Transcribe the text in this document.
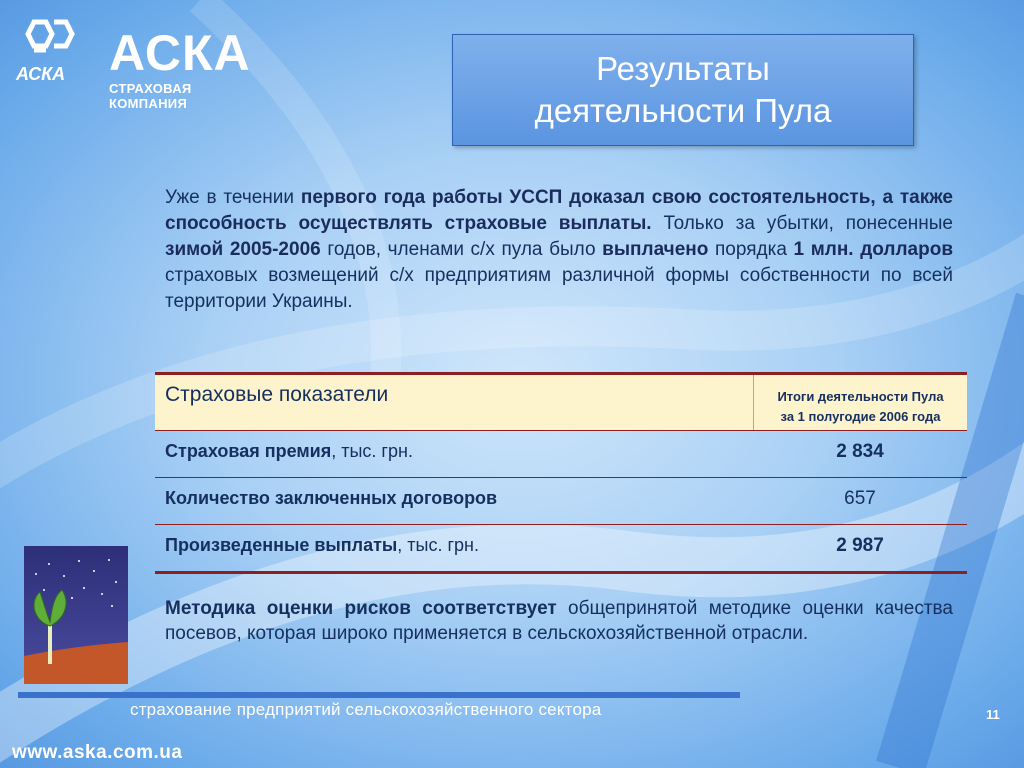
АСКА АСКА
СТРАХОВАЯ КОМПАНИЯ
Результаты
деятельности Пула
Уже в течении первого года работы УССП доказал свою состоятельность, а также способность осуществлять страховые выплаты. Только за убытки, понесенные зимой 2005-2006 годов, членами с/х пула было выплачено порядка 1 млн. долларов страховых возмещений с/х предприятиям различной формы собственности по всей территории Украины.
Страховые показатели	Итоги деятельности Пула
за 1 полугодие 2006 года
Страховая премия, тыс. грн.	2 834
Количество заключенных договоров	657
Произведенные выплаты, тыс. грн.	2 987
Методика оценки рисков соответствует общепринятой методике оценки качества посевов, которая широко применяется в сельскохозяйственной отрасли.
страхование предприятий сельскохозяйственного сектора	11
www.aska.com.ua
